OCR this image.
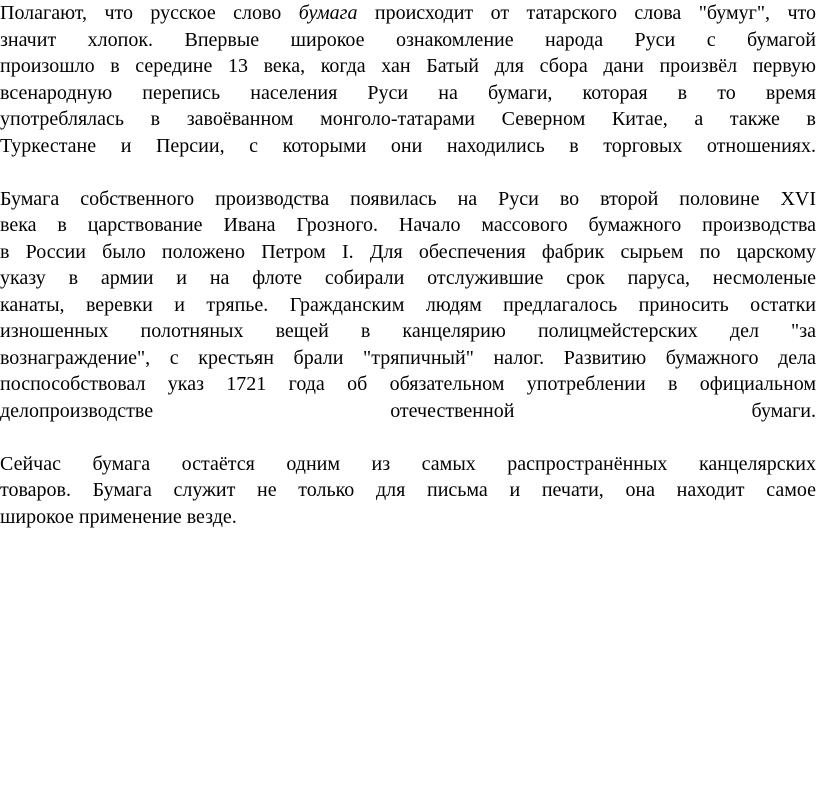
Полагают, что русское слово бумага происходит от татарского слова "бумуг", что
значит хлопок. Впервые широкое ознакомление народа Руси с бумагой
произошло в середине 13 века, когда хан Батый для сбора дани произвёл первую
всенародную перепись населения Руси на бумаги, которая в то время
употреблялась в завоёванном монголо-татарами Северном Китае, а также в
Туркестане и Персии, с которыми они находились в торговых отношениях.

Бумага собственного производства появилась на Руси во второй половине XVI
века в царствование Ивана Грозного. Начало массового бумажного производства
в России было положено Петром I. Для обеспечения фабрик сырьем по царскому
указу в армии и на флоте собирали отслужившие срок паруса, несмоленые
канаты, веревки и тряпье. Гражданским людям предлагалось приносить остатки
изношенных полотняных вещей в канцелярию полицмейстерских дел "за
вознаграждение", с крестьян брали "тряпичный" налог. Развитию бумажного дела
поспособствовал указ 1721 года об обязательном употреблении в официальном
делопроизводстве отечественной бумаги.

Сейчас бумага остаётся одним из самых распространённых канцелярских
товаров. Бумага служит не только для письма и печати, она находит самое
широкое применение везде.
